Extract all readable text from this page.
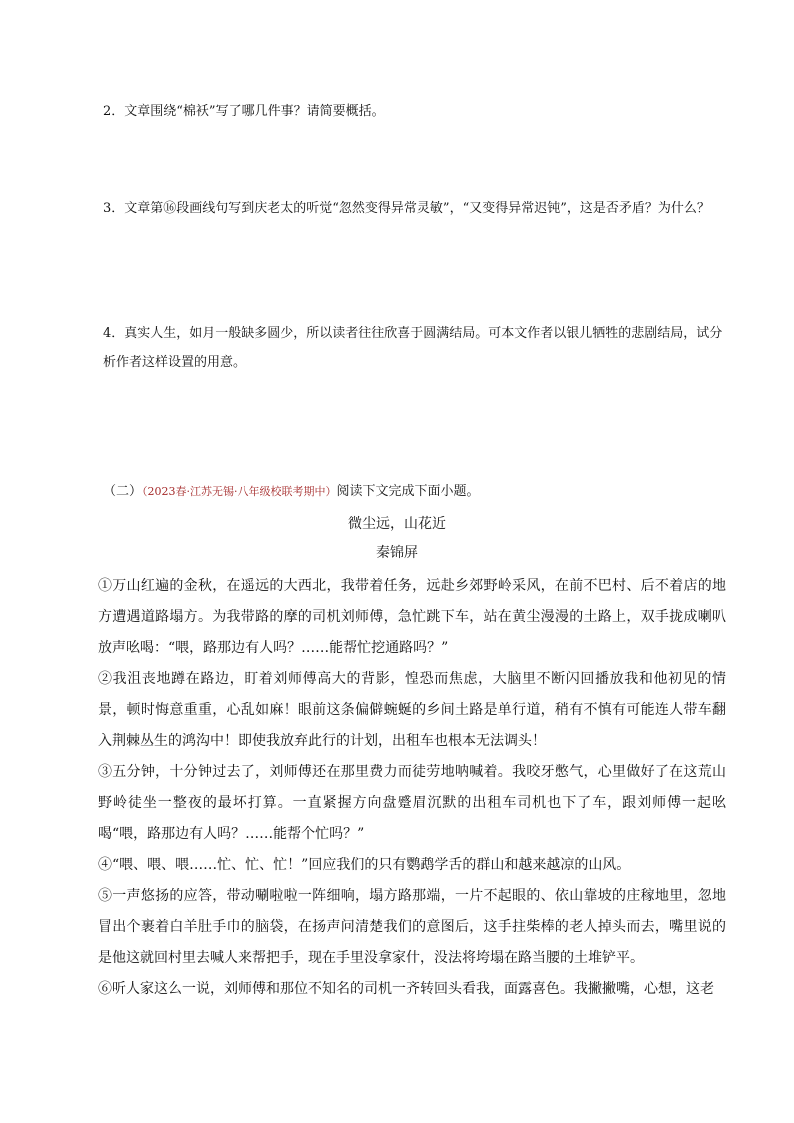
2．文章围绕“棉袄”写了哪几件事？请简要概括。

3．文章第⑯段画线句写到庆老太的听觉“忽然变得异常灵敏”，“又变得异常迟钝”，这是否矛盾？为什么？

4．真实人生，如月一般缺多圆少，所以读者往往欣喜于圆满结局。可本文作者以银儿牺牲的悲剧结局，试分析作者这样设置的用意。

（二）（2023春·江苏无锡·八年级校联考期中）阅读下文完成下面小题。

微尘远，山花近

秦锦屏

①万山红遍的金秋，在遥远的大西北，我带着任务，远赴乡郊野岭采风，在前不巴村、后不着店的地方遭遇道路塌方。为我带路的摩的司机刘师傅，急忙跳下车，站在黄尘漫漫的土路上，双手拢成喇叭放声吆喝：“喂，路那边有人吗？……能帮忙挖通路吗？”

②我沮丧地蹲在路边，盯着刘师傅高大的背影，惶恐而焦虑，大脑里不断闪回播放我和他初见的情景，顿时悔意重重，心乱如麻！眼前这条偏僻蜿蜒的乡间土路是单行道，稍有不慎有可能连人带车翻入荆棘丛生的鸿沟中！即使我放弃此行的计划，出租车也根本无法调头！

③五分钟，十分钟过去了，刘师傅还在那里费力而徒劳地呐喊着。我咬牙憋气，心里做好了在这荒山野岭徒坐一整夜的最坏打算。一直紧握方向盘蹙眉沉默的出租车司机也下了车，跟刘师傅一起吆喝“喂，路那边有人吗？……能帮个忙吗？”

④“喂、喂、喂……忙、忙、忙！”回应我们的只有鹦鹉学舌的群山和越来越凉的山风。

⑤一声悠扬的应答，带动唰啦啦一阵细响，塌方路那端，一片不起眼的、依山靠坡的庄稼地里，忽地冒出个裹着白羊肚手巾的脑袋，在扬声问清楚我们的意图后，这手拄柴棒的老人掉头而去，嘴里说的是他这就回村里去喊人来帮把手，现在手里没拿家什，没法将垮塌在路当腰的土堆铲平。

⑥听人家这么一说，刘师傅和那位不知名的司机一齐转回头看我，面露喜色。我撇撇嘴，心想，这老
